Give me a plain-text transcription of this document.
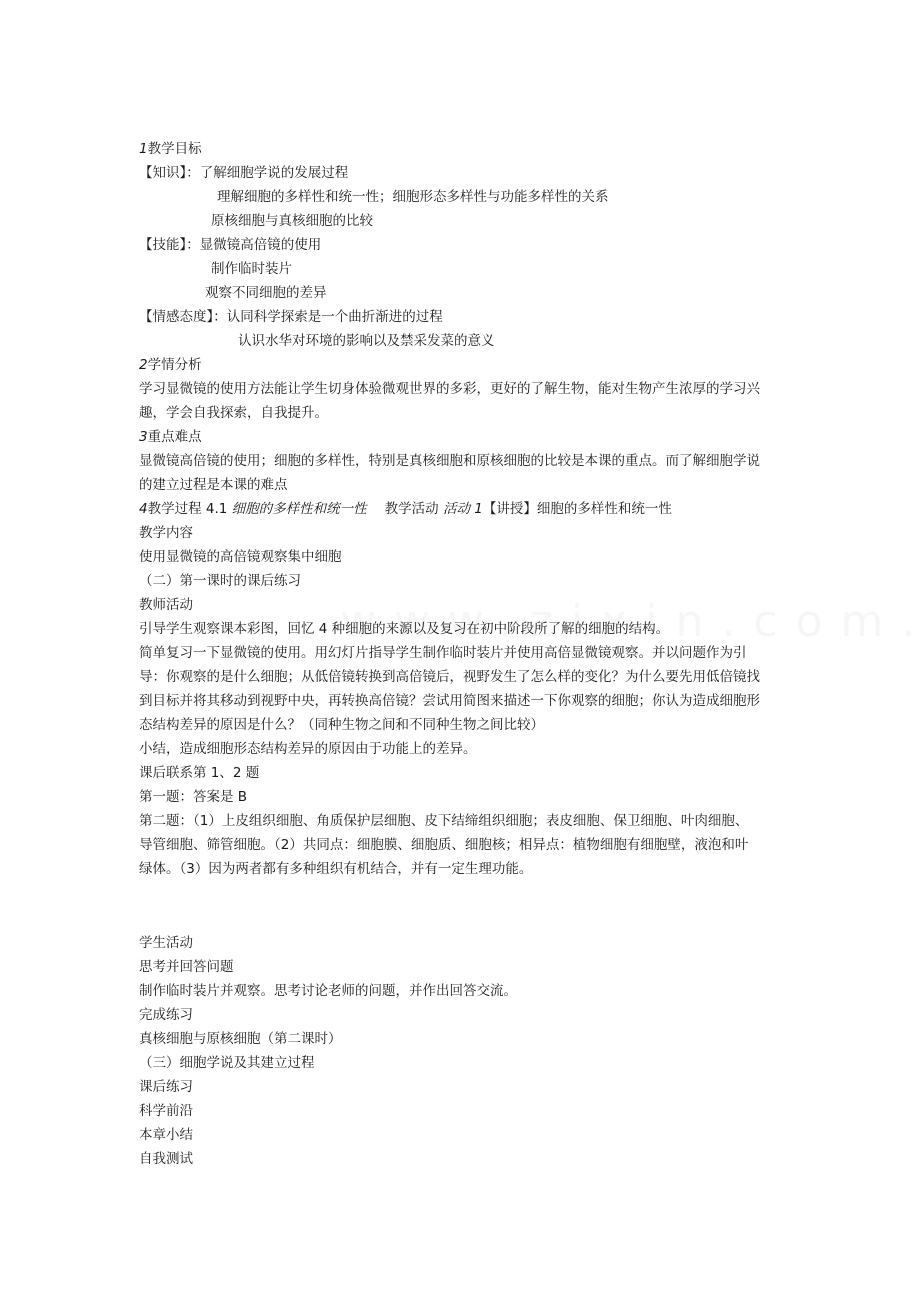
1教学目标
【知识】：了解细胞学说的发展过程
理解细胞的多样性和统一性；细胞形态多样性与功能多样性的关系
原核细胞与真核细胞的比较
【技能】：显微镜高倍镜的使用
制作临时装片
观察不同细胞的差异
【情感态度】：认同科学探索是一个曲折渐进的过程
认识水华对环境的影响以及禁采发菜的意义
2学情分析
学习显微镜的使用方法能让学生切身体验微观世界的多彩，更好的了解生物，能对生物产生浓厚的学习兴
趣，学会自我探索，自我提升。
3重点难点
显微镜高倍镜的使用；细胞的多样性，特别是真核细胞和原核细胞的比较是本课的重点。而了解细胞学说
的建立过程是本课的难点
4教学过程 4.1 细胞的多样性和统一性 教学活动 活动 1【讲授】细胞的多样性和统一性
教学内容
使用显微镜的高倍镜观察集中细胞
（二）第一课时的课后练习
教师活动
引导学生观察课本彩图，回忆 4 种细胞的来源以及复习在初中阶段所了解的细胞的结构。
简单复习一下显微镜的使用。用幻灯片指导学生制作临时装片并使用高倍显微镜观察。并以问题作为引
导：你观察的是什么细胞；从低倍镜转换到高倍镜后，视野发生了怎么样的变化？为什么要先用低倍镜找
到目标并将其移动到视野中央，再转换高倍镜？尝试用简图来描述一下你观察的细胞；你认为造成细胞形
态结构差异的原因是什么？（同种生物之间和不同种生物之间比较）
小结，造成细胞形态结构差异的原因由于功能上的差异。
课后联系第 1、2 题
第一题：答案是 B
第二题：（1）上皮组织细胞、角质保护层细胞、皮下结缔组织细胞；表皮细胞、保卫细胞、叶肉细胞、
导管细胞、筛管细胞。（2）共同点：细胞膜、细胞质、细胞核；相异点：植物细胞有细胞壁，液泡和叶
绿体。（3）因为两者都有多种组织有机结合，并有一定生理功能。
学生活动
思考并回答问题
制作临时装片并观察。思考讨论老师的问题，并作出回答交流。
完成练习
真核细胞与原核细胞（第二课时）
（三）细胞学说及其建立过程
课后练习
科学前沿
本章小结
自我测试
